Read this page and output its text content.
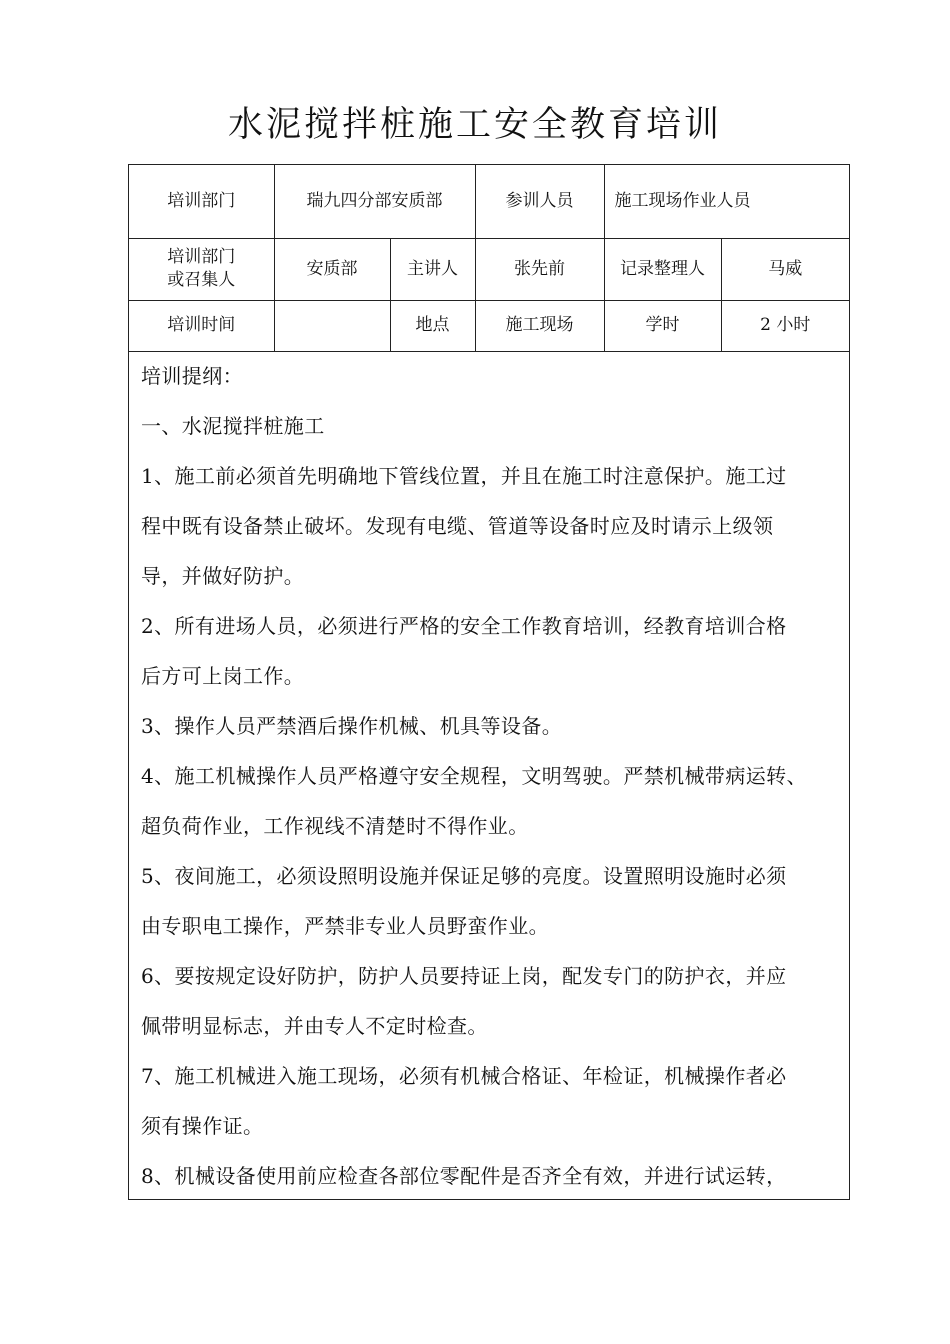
水泥搅拌桩施工安全教育培训
培训部门	瑞九四分部安质部		参训人员	施工现场作业人员	

培训部门
或召集人	安质部	主讲人	张先前	记录整理人	马威
培训时间		地点	施工现场	学时	2 小时

培训提纲：

一、水泥搅拌桩施工

1、施工前必须首先明确地下管线位置，并且在施工时注意保护。施工过

程中既有设备禁止破坏。发现有电缆、管道等设备时应及时请示上级领

导，并做好防护。

2、所有进场人员，必须进行严格的安全工作教育培训，经教育培训合格

后方可上岗工作。

3、操作人员严禁酒后操作机械、机具等设备。

4、施工机械操作人员严格遵守安全规程，文明驾驶。严禁机械带病运转、

超负荷作业，工作视线不清楚时不得作业。

5、夜间施工，必须设照明设施并保证足够的亮度。设置照明设施时必须

由专职电工操作，严禁非专业人员野蛮作业。

6、要按规定设好防护，防护人员要持证上岗，配发专门的防护衣，并应

佩带明显标志，并由专人不定时检查。

7、施工机械进入施工现场，必须有机械合格证、年检证，机械操作者必

须有操作证。

8、机械设备使用前应检查各部位零配件是否齐全有效，并进行试运转，
